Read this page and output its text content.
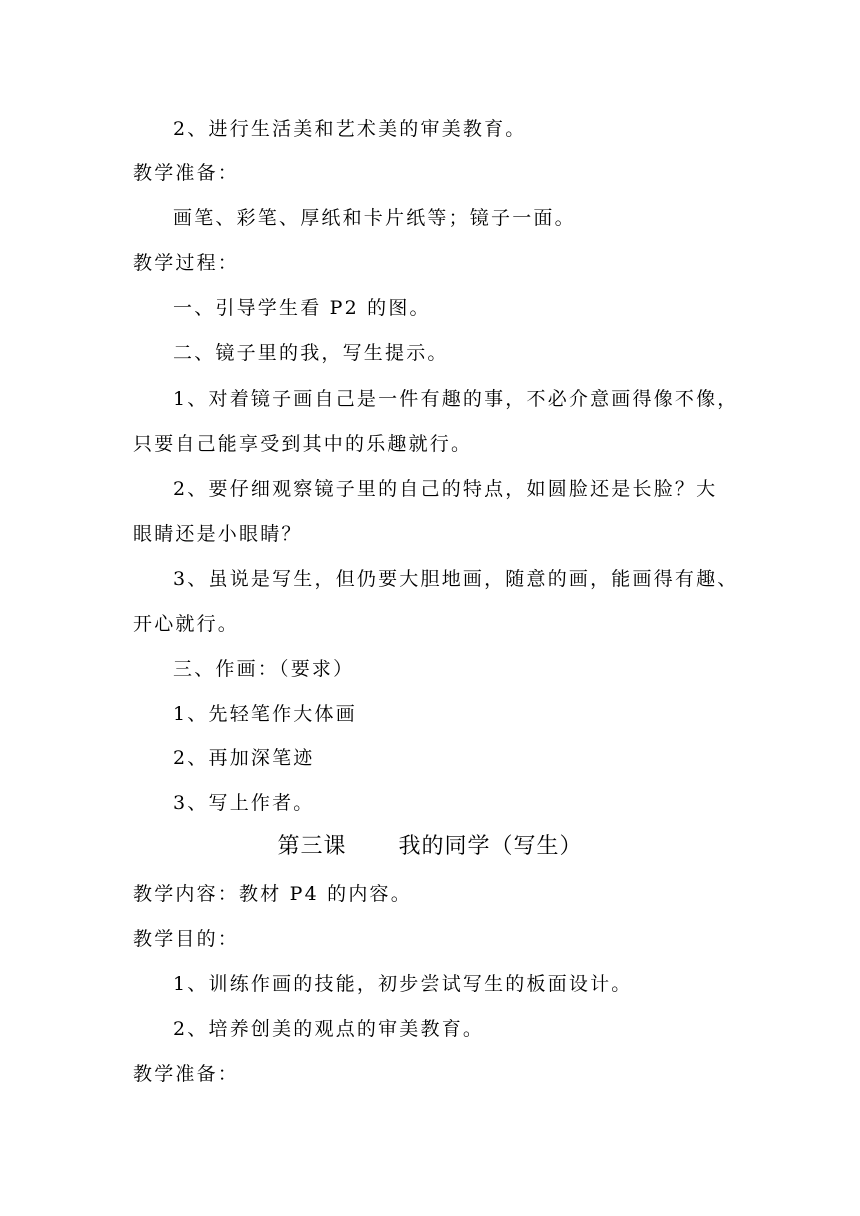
2、进行生活美和艺术美的审美教育。
教学准备：
画笔、彩笔、厚纸和卡片纸等；镜子一面。
教学过程：
一、引导学生看 P2 的图。
二、镜子里的我，写生提示。
1、对着镜子画自己是一件有趣的事，不必介意画得像不像，
只要自己能享受到其中的乐趣就行。
2、要仔细观察镜子里的自己的特点，如圆脸还是长脸？大
眼睛还是小眼睛？
3、虽说是写生，但仍要大胆地画，随意的画，能画得有趣、
开心就行。
三、作画：（要求）
1、先轻笔作大体画
2、再加深笔迹
3、写上作者。
第三课 我的同学（写生）
教学内容：教材 P4 的内容。
教学目的：
1、训练作画的技能，初步尝试写生的板面设计。
2、培养创美的观点的审美教育。
教学准备：
